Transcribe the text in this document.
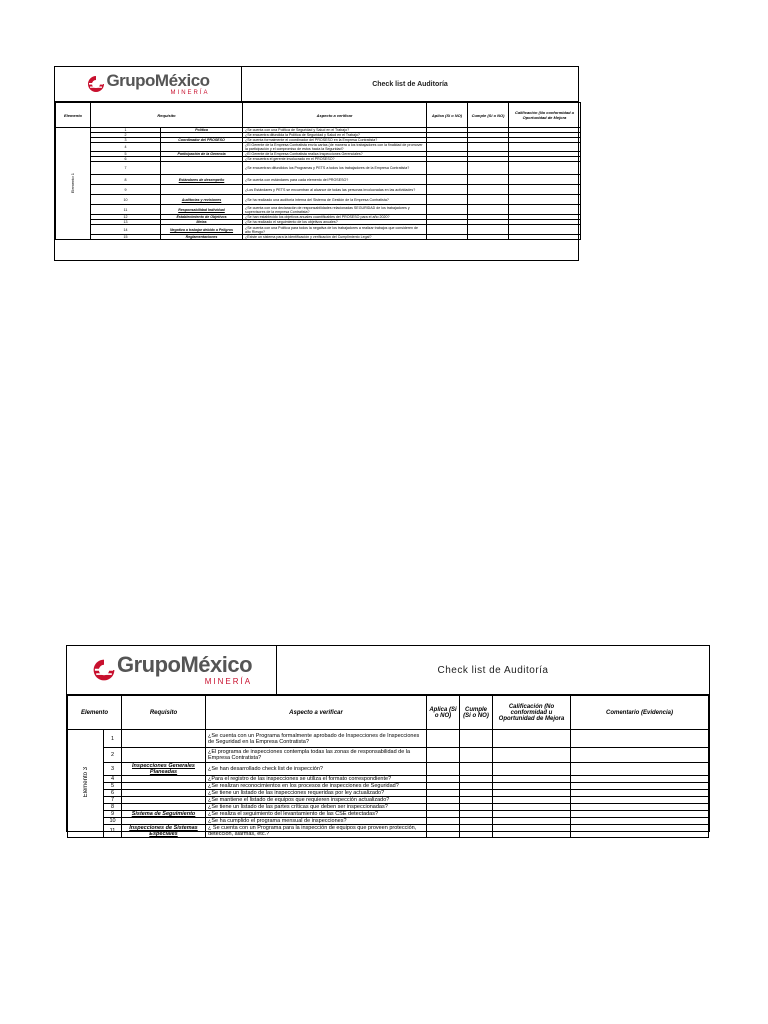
GrupoMéxico
MINERÍA
Check list de Auditoría
Elemento	Requisito		Aspecto a verificar	Aplica (Si o NO)	Cumple (Si o NO)	Calificación (No conformidad u Oportunidad de Mejora	
Elemento 1	1	Política	¿Se cuenta con una Política de Seguridad y Salud en el Trabajo?				
	2		¿Se encuentra difundida la Política de Seguridad y Salud en el Trabajo?				
	3	Coordinador del PROSESO	¿Se cuenta formalmente el coordinador del PROSESO en la Empresa Contratista?				
	4		¿El Gerente de la Empresa Contratista envía cartas (de manera a los trabajadores con la finalidad de promover la participación y el compromiso de estos hacia la Seguridad?				
	5	Participación de la Gerencia	¿El Gerente de la Empresa Contratista realiza Inspecciones Gerenciales?				
	6		¿Se encuentra el gerente involucrado en el PROSESO?				
	7		¿Se encuentran difundidos los Programas y PETS a todos los trabajadores de la Empresa Contratista?				
	8	Estándares de desempeño	¿Se cuenta con estándares para cada elemento del PROSESO?				
	9		¿Los Estándares y PETS se encuentran al alcance de todas las personas involucradas en las actividades?				
	10	Auditorías y revisiones	¿Se ha realizado una auditoría interna del Sistema de Gestión de la Empresa Contratista?				
	11	Responsabilidad Individual	¿Se cuenta con una declaración de responsabilidades relacionadas SEGURIDAD de los trabajadores y supervisores de la empresa Contratista?				
	12	Establecimiento de Objetivos	¿Se han establecido los objetivos anuales cuantificables del PROSESO para el año 2020?				
	13	Metas	¿Se ha realizado el seguimiento de los objetivos anuales?				
	14	Negativa a trabajar debido a Peligros	¿Se cuenta con una Política para todos la negativa de los trabajadores a realizar trabajos que consideren de alto Riesgo?				
	15	Reglamentaciones	¿Existe un sistema para la identificación y verificación del Cumplimiento Legal?				
GrupoMéxico
MINERÍA
Check list de Auditoría
Elemento		Requisito	Aspecto a verificar	Aplica (Si o NO)	Cumple (Si o NO)	Calificación (No conformidad u Oportunidad de Mejora	Comentario (Evidencia)
Elemento 3	1		¿Se cuenta con un Programa formalmente aprobado de Inspecciones de Inspecciones de Seguridad en la Empresa Contratista?				
	2		¿El programa de inspecciones contempla todas las zonas de responsabilidad de la Empresa Contratista?				
	3	Inspecciones Generales Planeadas	¿Se han desarrollado check list de inspección?				
	4		¿Para el registro de las inspecciones se utiliza el formato correspondiente?				
	5		¿Se realizan reconocimientos en los procesos de inspecciones de Seguridad?				
	6		¿Se tiene un listado de las inspecciones requeridas por ley actualizado?				
	7		¿Se mantiene el listado de equipos que requieren inspección actualizado?				
	8		¿Se tiene un listado de las partes críticas que deben ser inspeccionadas?				
	9	Sistema de Seguimiento	¿Se realiza el seguimiento del levantamiento de las CSE detectadas?				
	10		¿Se ha cumplido el programa mensual de inspecciones?				
	11	Inspecciones de Sistemas Especiales	¿ Se cuenta con un Programa para la inspección de equipos que proveen protección, detección, alarmas, etc.?				
